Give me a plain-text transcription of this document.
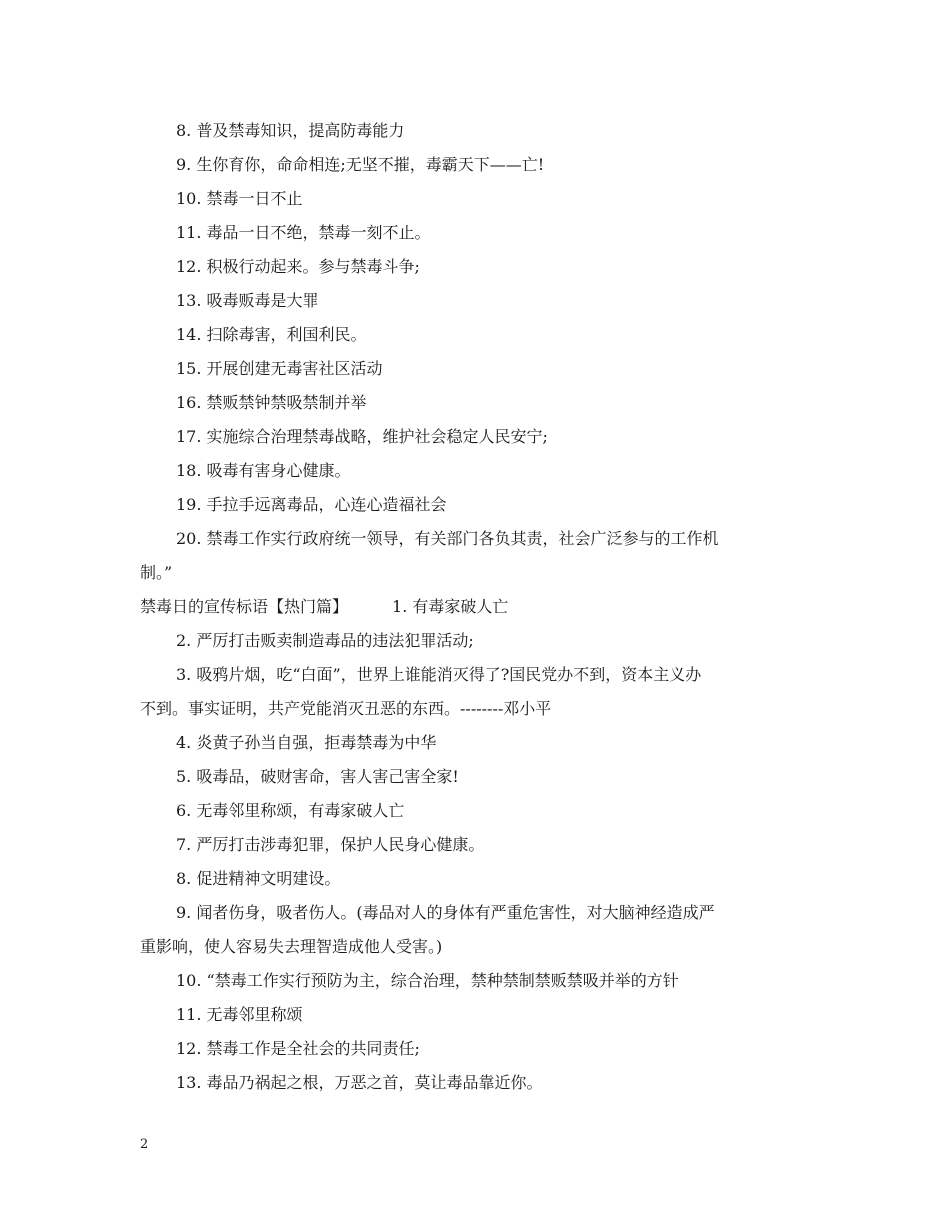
8. 普及禁毒知识，提高防毒能力
9. 生你育你，命命相连;无坚不摧，毒霸天下——亡!
10. 禁毒一日不止
11. 毒品一日不绝，禁毒一刻不止。
12. 积极行动起来。参与禁毒斗争;
13. 吸毒贩毒是大罪
14. 扫除毒害，利国利民。
15. 开展创建无毒害社区活动
16. 禁贩禁钟禁吸禁制并举
17. 实施综合治理禁毒战略，维护社会稳定人民安宁;
18. 吸毒有害身心健康。
19. 手拉手远离毒品，心连心造福社会
20. 禁毒工作实行政府统一领导，有关部门各负其责，社会广泛参与的工作机
制。”
禁毒日的宣传标语【热门篇】	1. 有毒家破人亡
2. 严厉打击贩卖制造毒品的违法犯罪活动;
3. 吸鸦片烟，吃“白面”，世界上谁能消灭得了?国民党办不到，资本主义办
不到。事实证明，共产党能消灭丑恶的东西。--------邓小平
4. 炎黄子孙当自强，拒毒禁毒为中华
5. 吸毒品，破财害命，害人害己害全家!
6. 无毒邻里称颂，有毒家破人亡
7. 严厉打击涉毒犯罪，保护人民身心健康。
8. 促进精神文明建设。
9. 闻者伤身，吸者伤人。(毒品对人的身体有严重危害性，对大脑神经造成严
重影响，使人容易失去理智造成他人受害。)
10. “禁毒工作实行预防为主，综合治理，禁种禁制禁贩禁吸并举的方针
11. 无毒邻里称颂
12. 禁毒工作是全社会的共同责任;
13. 毒品乃祸起之根，万恶之首，莫让毒品靠近你。
2
